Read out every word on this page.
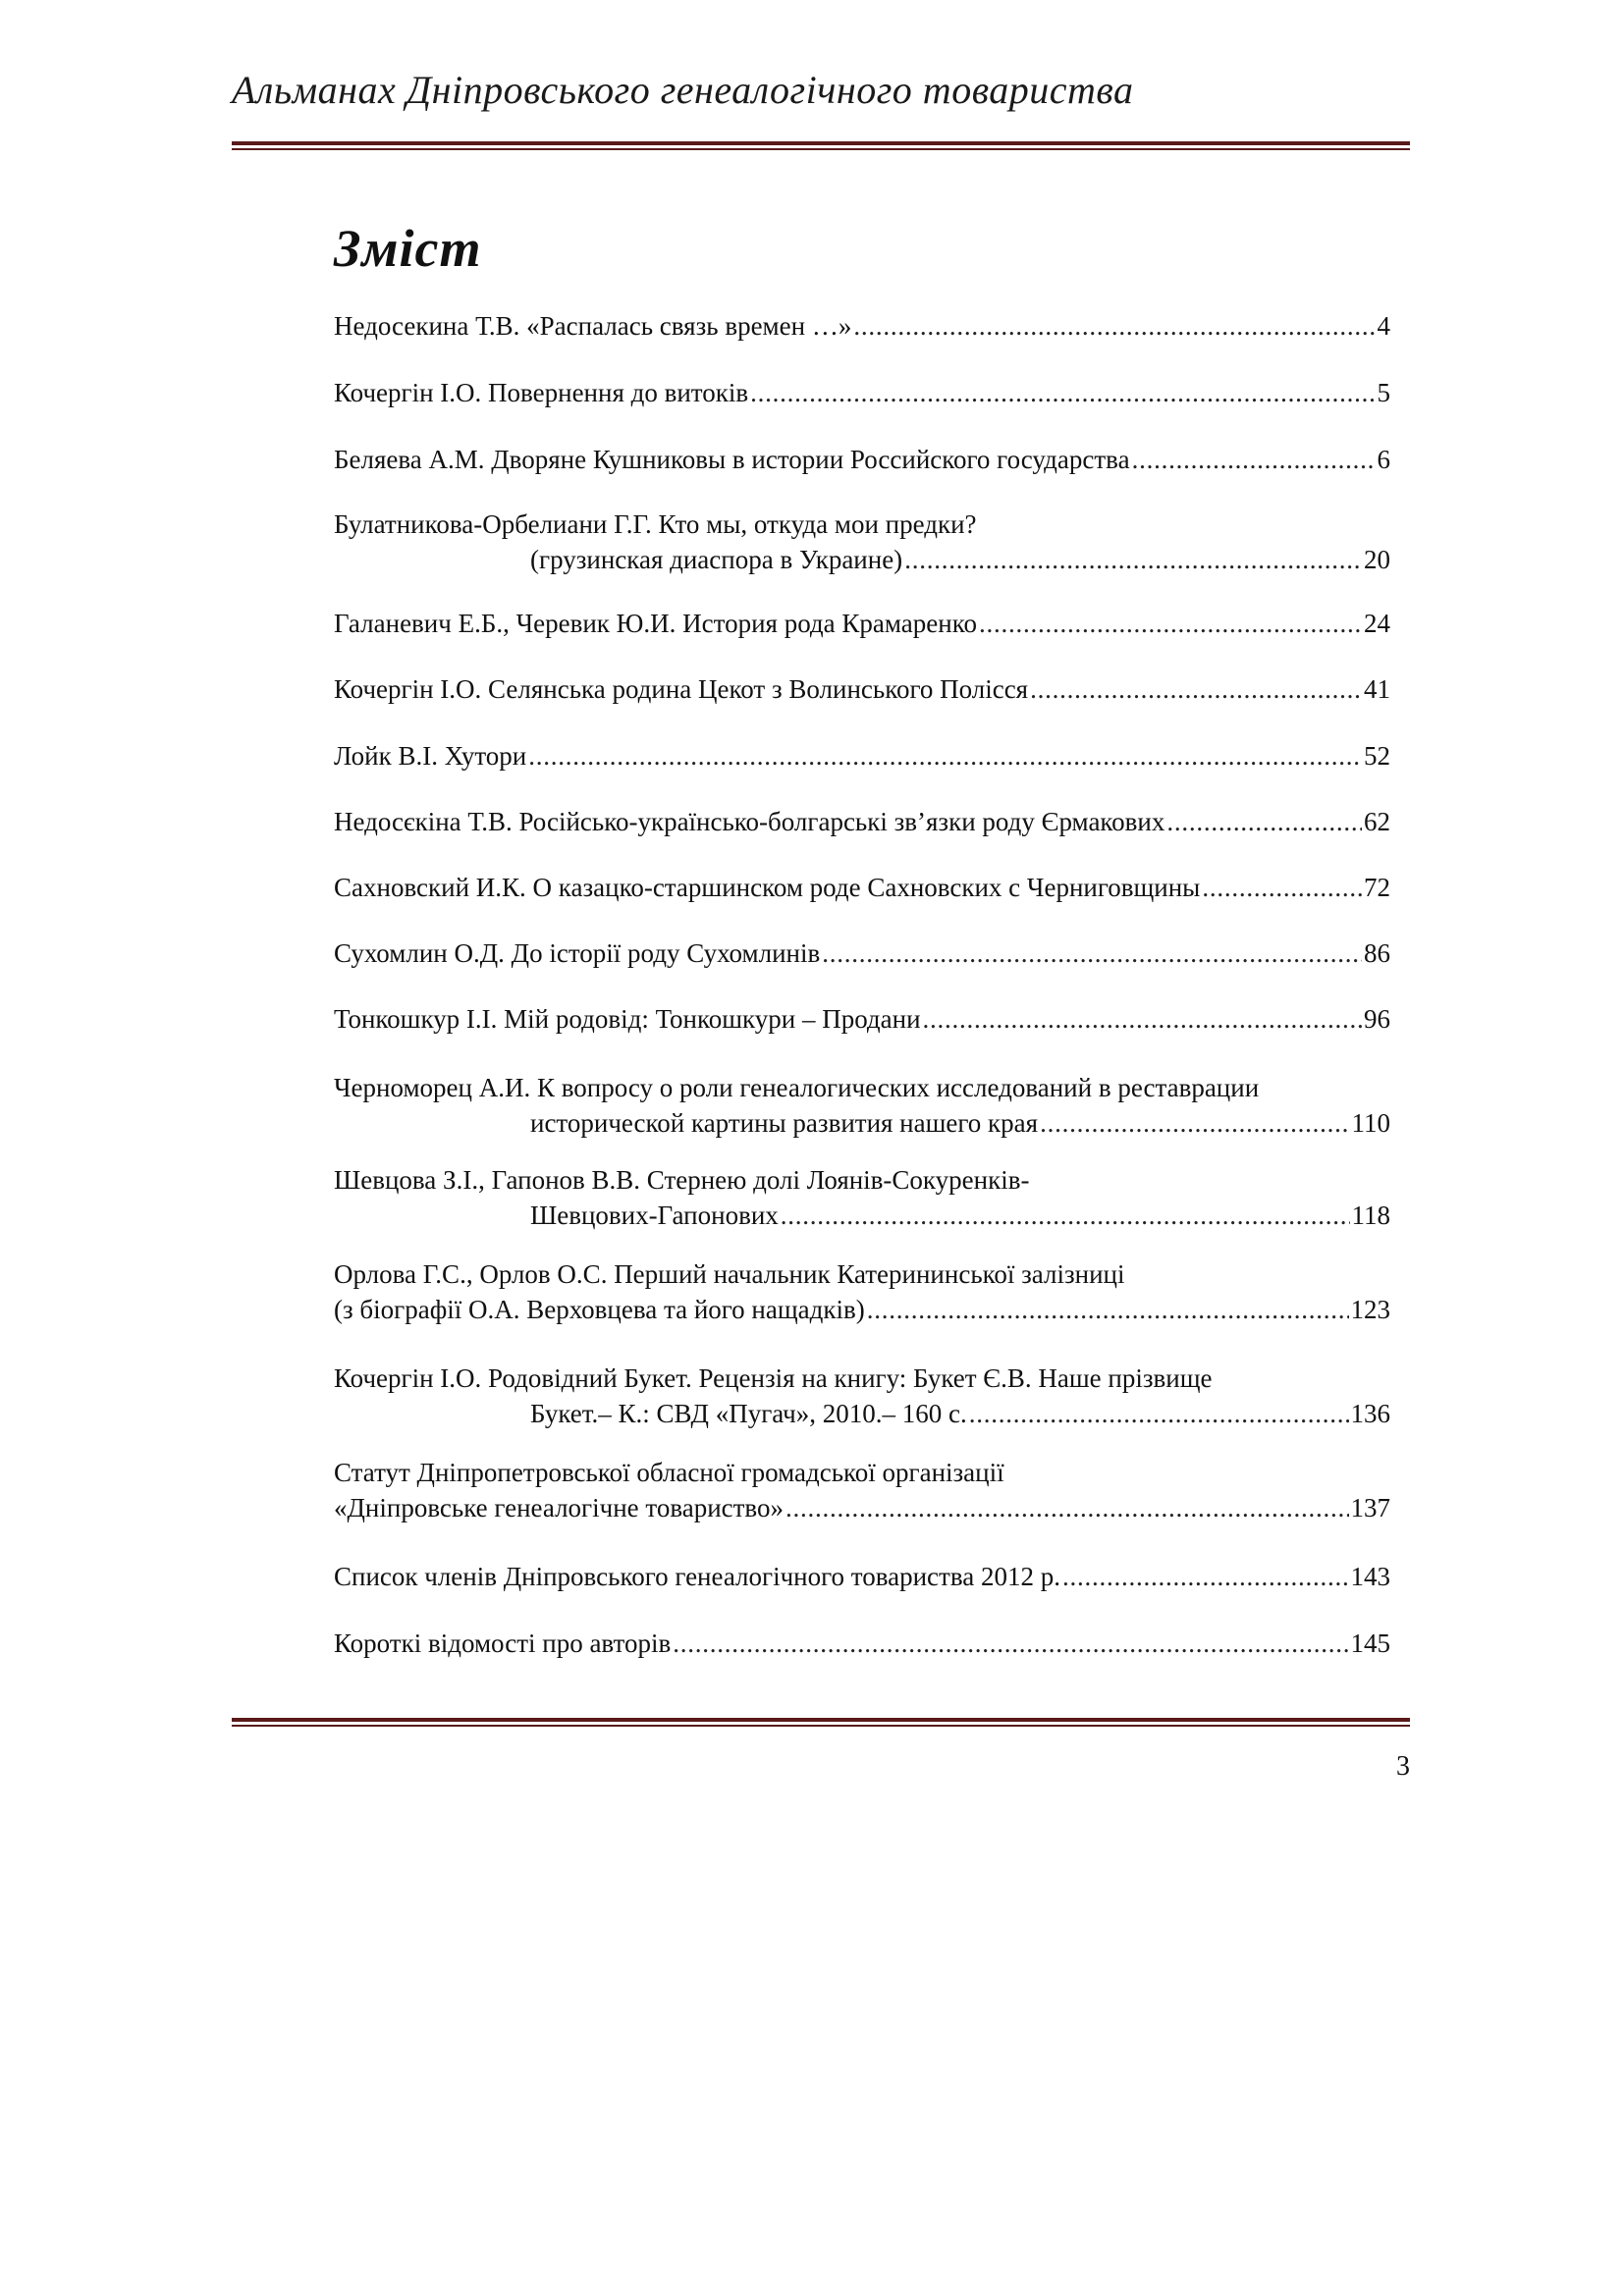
Альманах Дніпровського генеалогічного товариства
Зміст
Недосекина Т.В. «Распалась связь времен …» . . .	4
Кочергін І.О. Повернення до витоків . . .	5
Беляева А.М. Дворяне Кушниковы в истории Российского государства . . .	6
Булатникова-Орбелиани Г.Г. Кто мы, откуда мои предки?
(грузинская диаспора в Украине) . . .	20
Галаневич Е.Б., Черевик Ю.И. История рода Крамаренко . . .	24
Кочергін І.О. Селянська родина Цекот з Волинського Полісся . . .	41
Лойк В.І. Хутори . . .	52
Недосєкіна Т.В. Російсько-українсько-болгарські зв’язки роду Єрмакових . . .	62
Сахновский И.К. О казацко-старшинском роде Сахновских с Черниговщины . . .	72
Сухомлин О.Д. До історії роду Сухомлинів . . .	86
Тонкошкур І.І. Мій родовід: Тонкошкури – Продани . . .	96
Черноморец А.И. К вопросу о роли генеалогических исследований в реставрации
исторической картины развития нашего края . . .	110
Шевцова З.І., Гапонов В.В. Стернею долі Лоянів-Сокуренків-
Шевцових-Гапонових . . .	118
Орлова Г.С., Орлов О.С. Перший начальник Катерининської залізниці
(з біографії О.А. Верховцева та його нащадків) . . .	123
Кочергін І.О. Родовідний Букет. Рецензія на книгу: Букет Є.В. Наше прізвище
Букет.– К.: СВД «Пугач», 2010.– 160 с. . . .	136
Статут Дніпропетровської обласної громадської організації
«Дніпровське генеалогічне товариство» . . .	137
Список членів Дніпровського генеалогічного товариства 2012 р. . . .	143
Короткі відомості про авторів . . .	145
3
